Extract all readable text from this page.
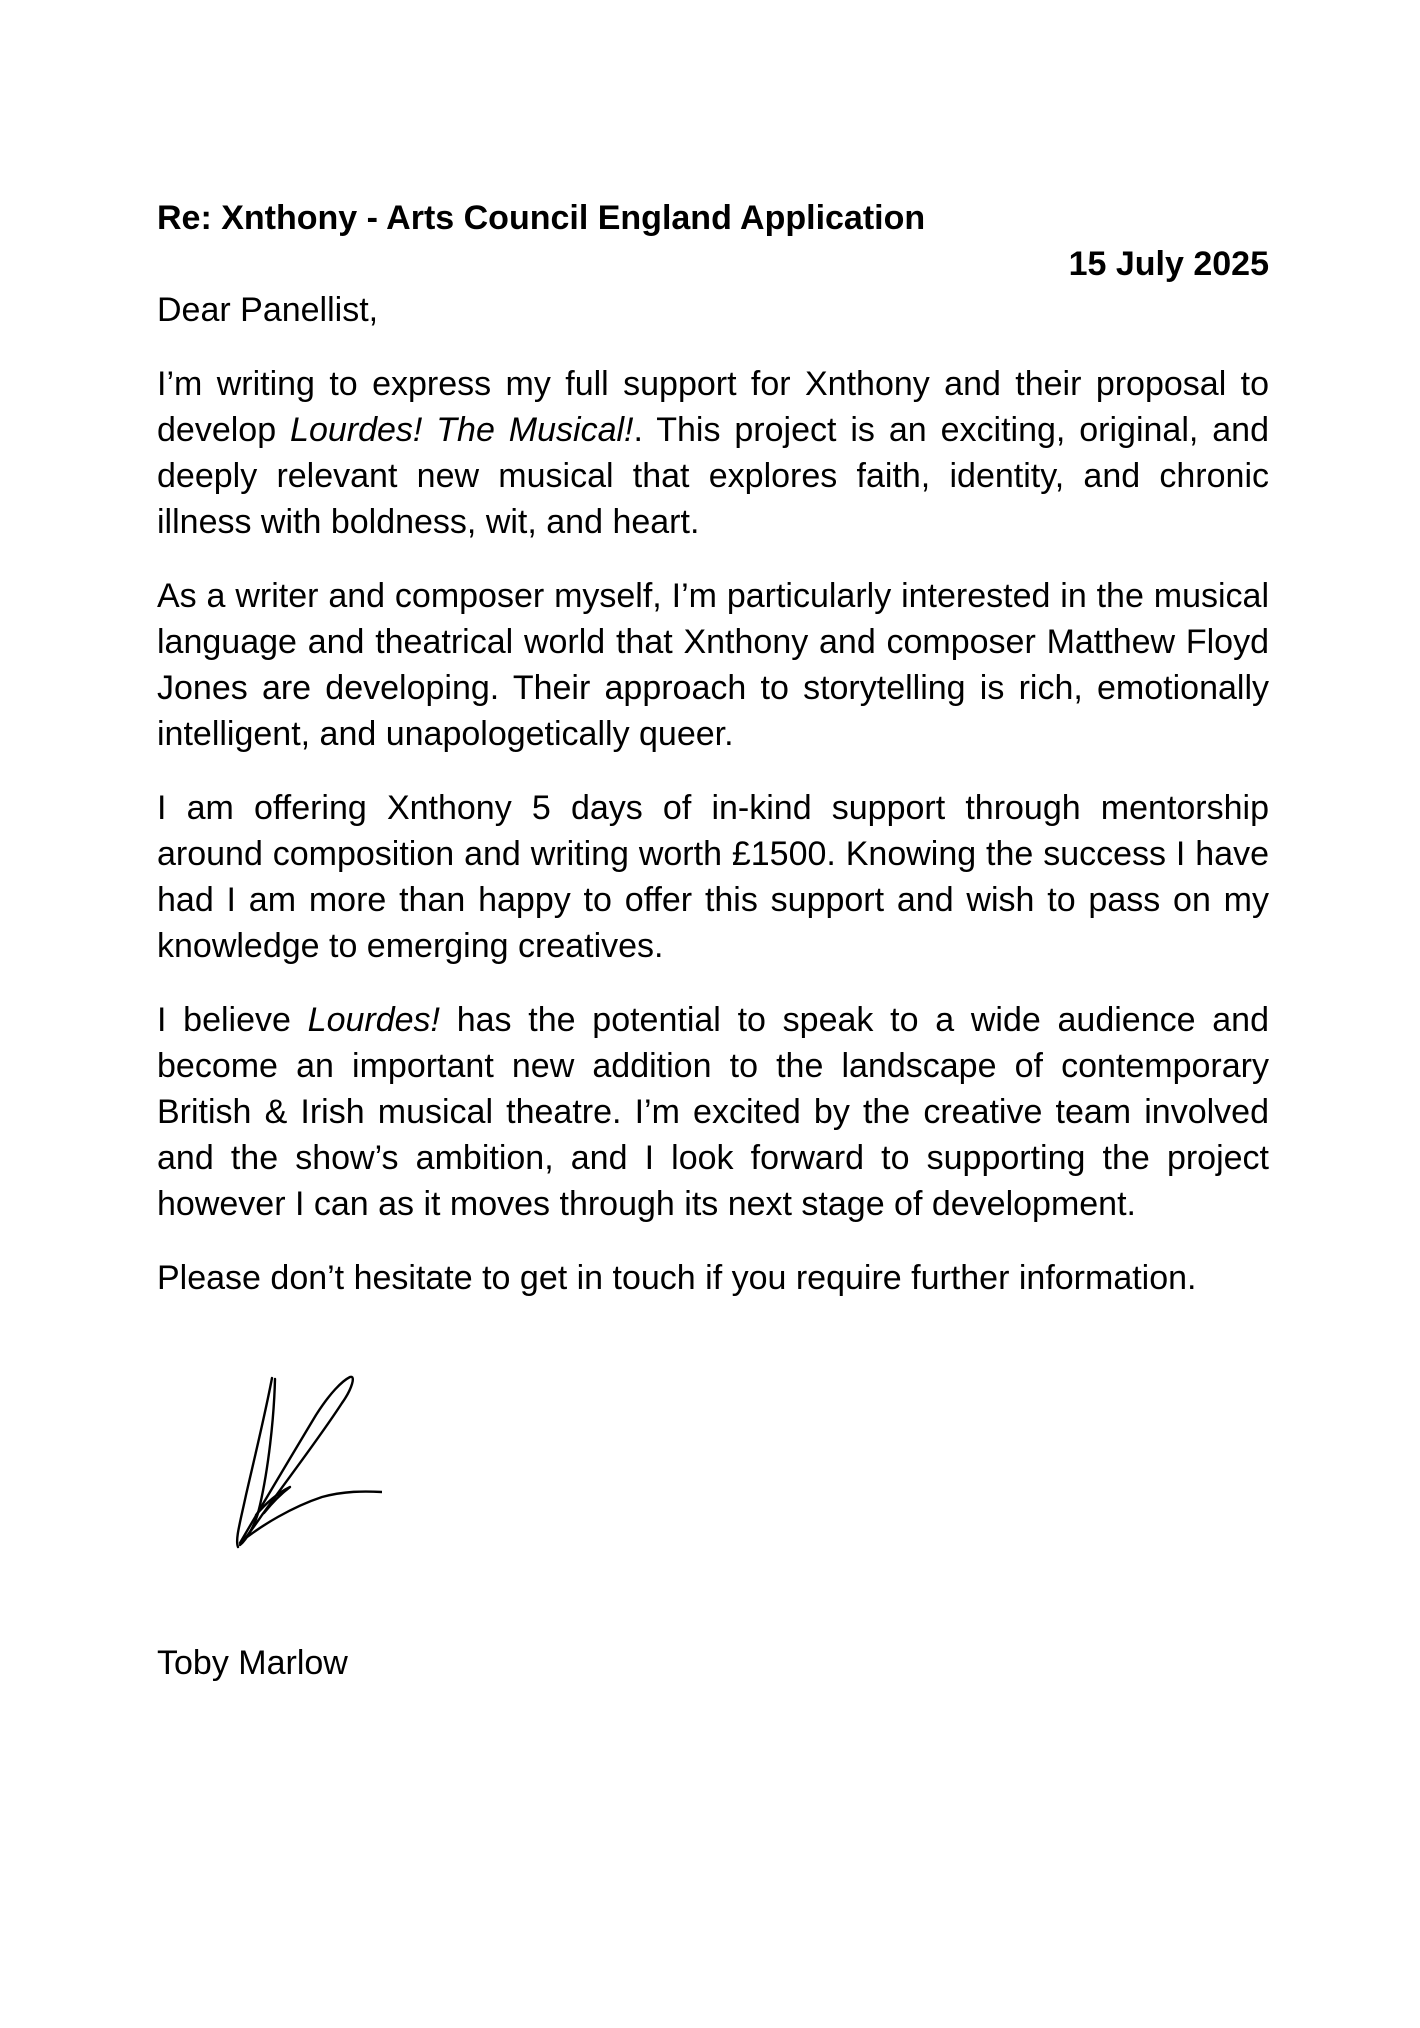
Re: Xnthony - Arts Council England Application

15 July 2025

Dear Panellist,

I’m writing to express my full support for Xnthony and their proposal to develop Lourdes! The Musical!. This project is an exciting, original, and deeply relevant new musical that explores faith, identity, and chronic illness with boldness, wit, and heart.

As a writer and composer myself, I’m particularly interested in the musical language and theatrical world that Xnthony and composer Matthew Floyd Jones are developing. Their approach to storytelling is rich, emotionally intelligent, and unapologetically queer.

I am offering Xnthony 5 days of in-kind support through mentorship around composition and writing worth £1500. Knowing the success I have had I am more than happy to offer this support and wish to pass on my knowledge to emerging creatives.

I believe Lourdes! has the potential to speak to a wide audience and become an important new addition to the landscape of contemporary British & Irish musical theatre. I’m excited by the creative team involved and the show’s ambition, and I look forward to supporting the project however I can as it moves through its next stage of development.

Please don’t hesitate to get in touch if you require further information.

Toby Marlow
